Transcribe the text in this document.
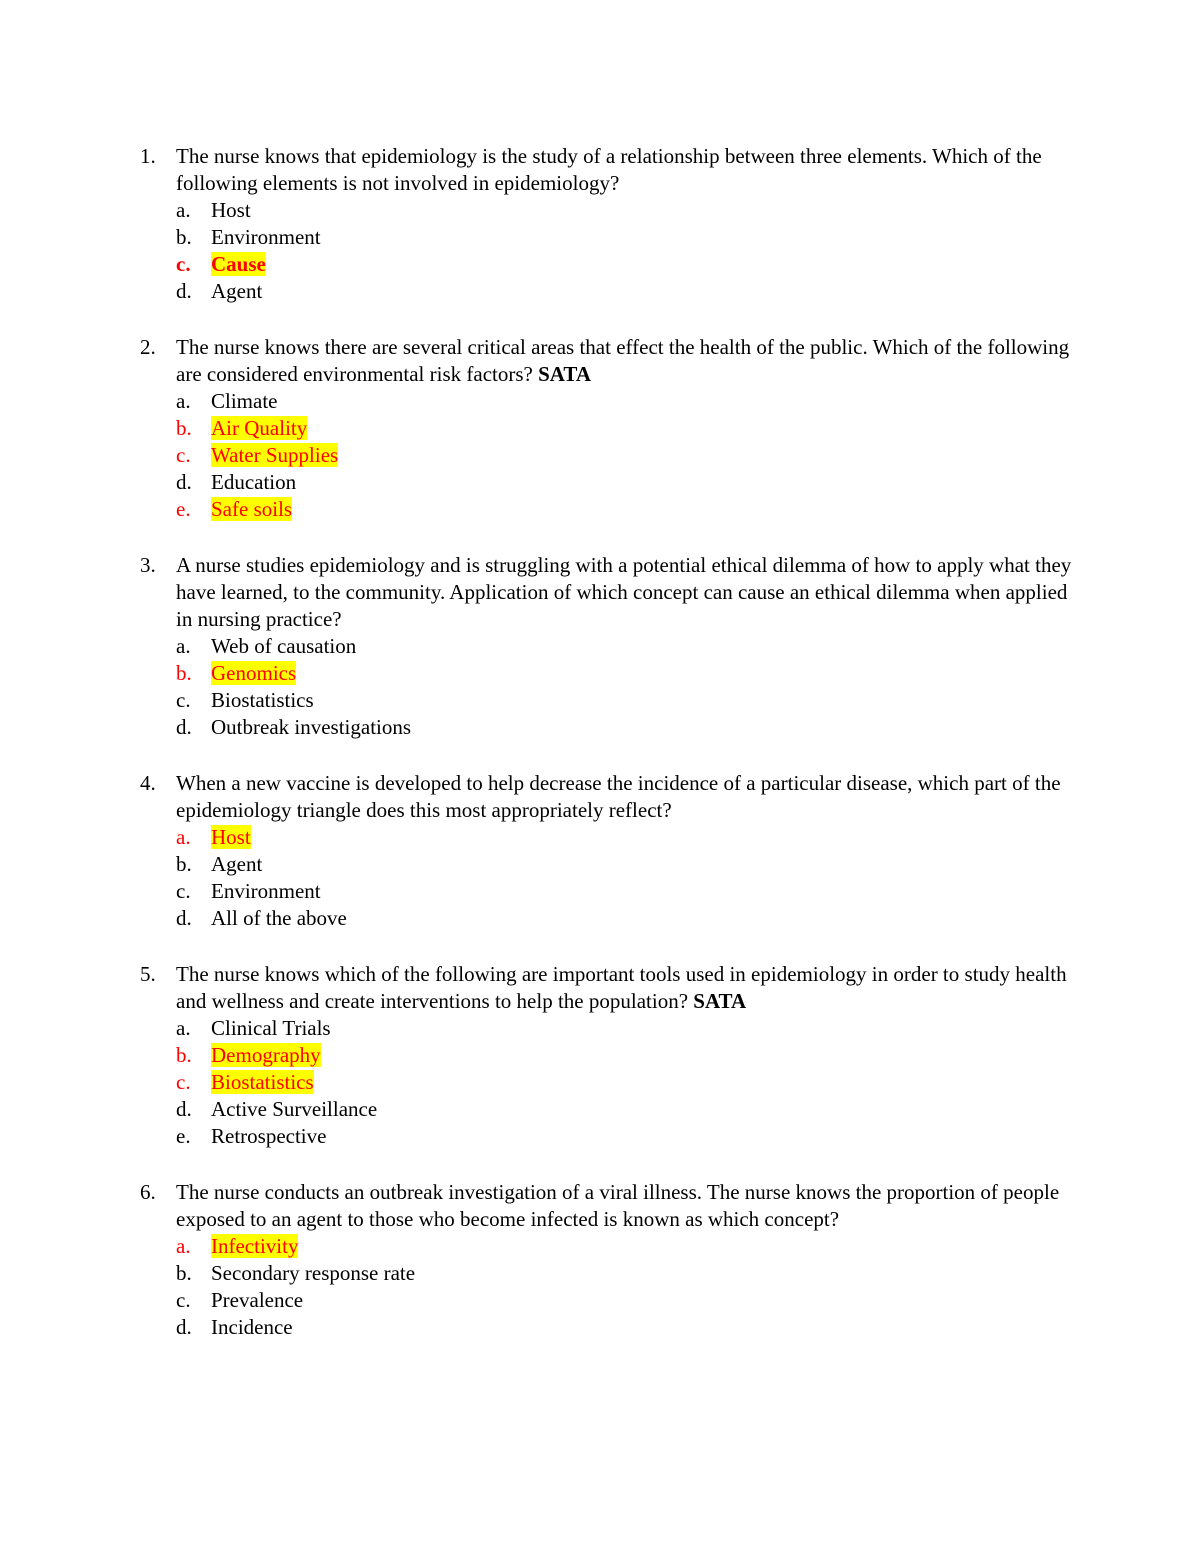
1. The nurse knows that epidemiology is the study of a relationship between three elements. Which of the following elements is not involved in epidemiology?
a. Host
b. Environment
c. Cause
d. Agent
2. The nurse knows there are several critical areas that effect the health of the public. Which of the following are considered environmental risk factors? SATA
a. Climate
b. Air Quality
c. Water Supplies
d. Education
e. Safe soils
3. A nurse studies epidemiology and is struggling with a potential ethical dilemma of how to apply what they have learned, to the community. Application of which concept can cause an ethical dilemma when applied in nursing practice?
a. Web of causation
b. Genomics
c. Biostatistics
d. Outbreak investigations
4. When a new vaccine is developed to help decrease the incidence of a particular disease, which part of the epidemiology triangle does this most appropriately reflect?
a. Host
b. Agent
c. Environment
d. All of the above
5. The nurse knows which of the following are important tools used in epidemiology in order to study health and wellness and create interventions to help the population? SATA
a. Clinical Trials
b. Demography
c. Biostatistics
d. Active Surveillance
e. Retrospective
6. The nurse conducts an outbreak investigation of a viral illness. The nurse knows the proportion of people exposed to an agent to those who become infected is known as which concept?
a. Infectivity
b. Secondary response rate
c. Prevalence
d. Incidence
